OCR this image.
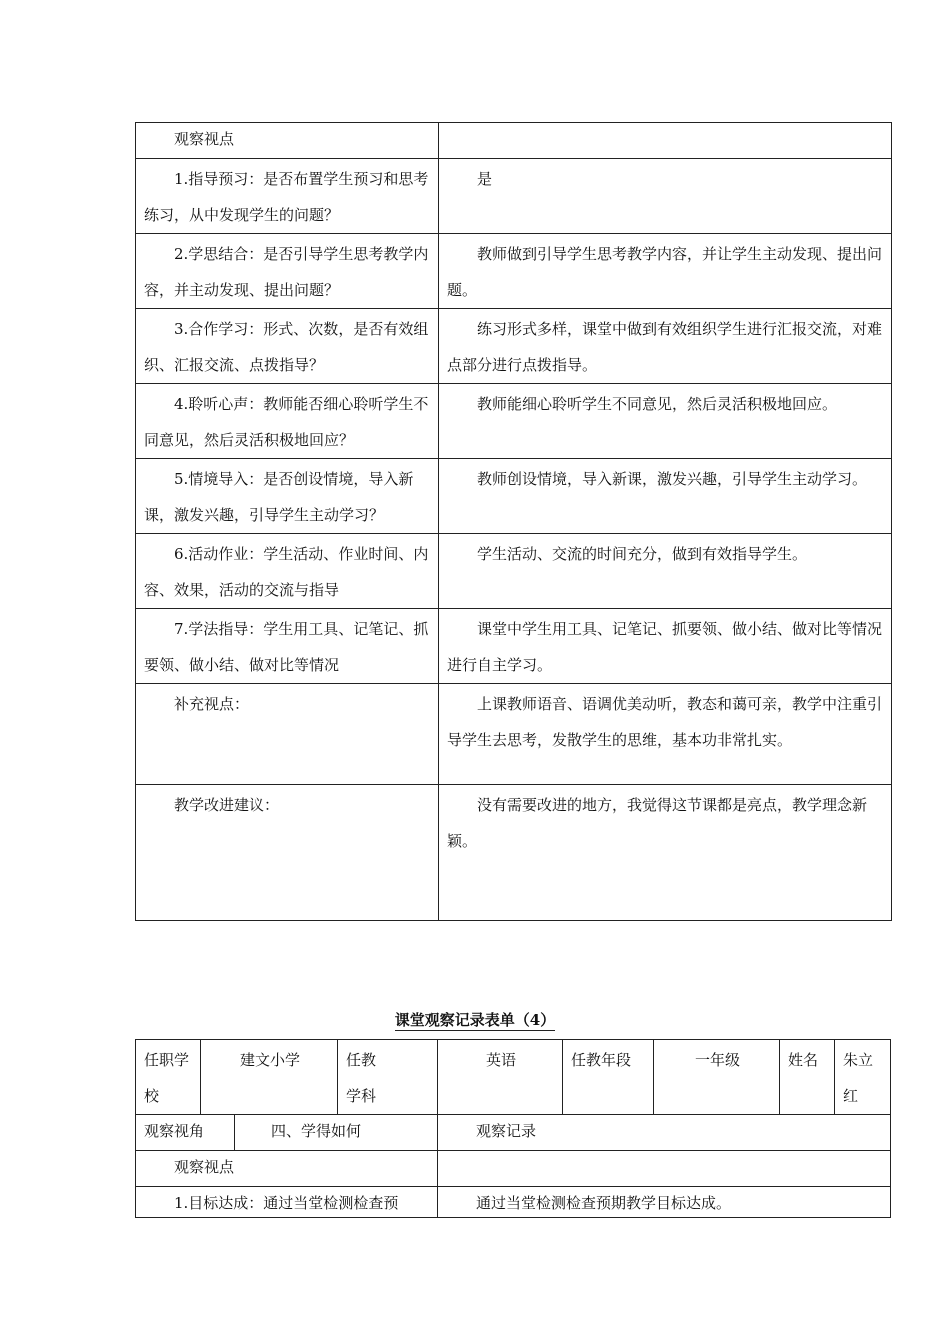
观察视点	

1.指导预习：是否布置学生预习和思考练习，从中发现学生的问题？	是

2.学思结合：是否引导学生思考教学内容，并主动发现、提出问题？	教师做到引导学生思考教学内容，并让学生主动发现、提出问题。

3.合作学习：形式、次数，是否有效组织、汇报交流、点拨指导？	练习形式多样，课堂中做到有效组织学生进行汇报交流，对难点部分进行点拨指导。

4.聆听心声：教师能否细心聆听学生不同意见，然后灵活积极地回应？	教师能细心聆听学生不同意见，然后灵活积极地回应。

5.情境导入：是否创设情境，导入新课，激发兴趣，引导学生主动学习？	教师创设情境，导入新课，激发兴趣，引导学生主动学习。

6.活动作业：学生活动、作业时间、内容、效果，活动的交流与指导	学生活动、交流的时间充分，做到有效指导学生。

7.学法指导：学生用工具、记笔记、抓要领、做小结、做对比等情况	课堂中学生用工具、记笔记、抓要领、做小结、做对比等情况进行自主学习。

补充视点：	上课教师语音、语调优美动听，教态和蔼可亲，教学中注重引导学生去思考，发散学生的思维，基本功非常扎实。

教学改进建议：	没有需要改进的地方，我觉得这节课都是亮点，教学理念新颖。
课堂观察记录表单（4）
任职学校	建文小学		任教学科	英语	任教年段	一年级	姓名	朱立红

观察视角		四、学得如何		观察记录				

观察视点								

1.目标达成：通过当堂检测检查预				通过当堂检测检查预期教学目标达成。				
